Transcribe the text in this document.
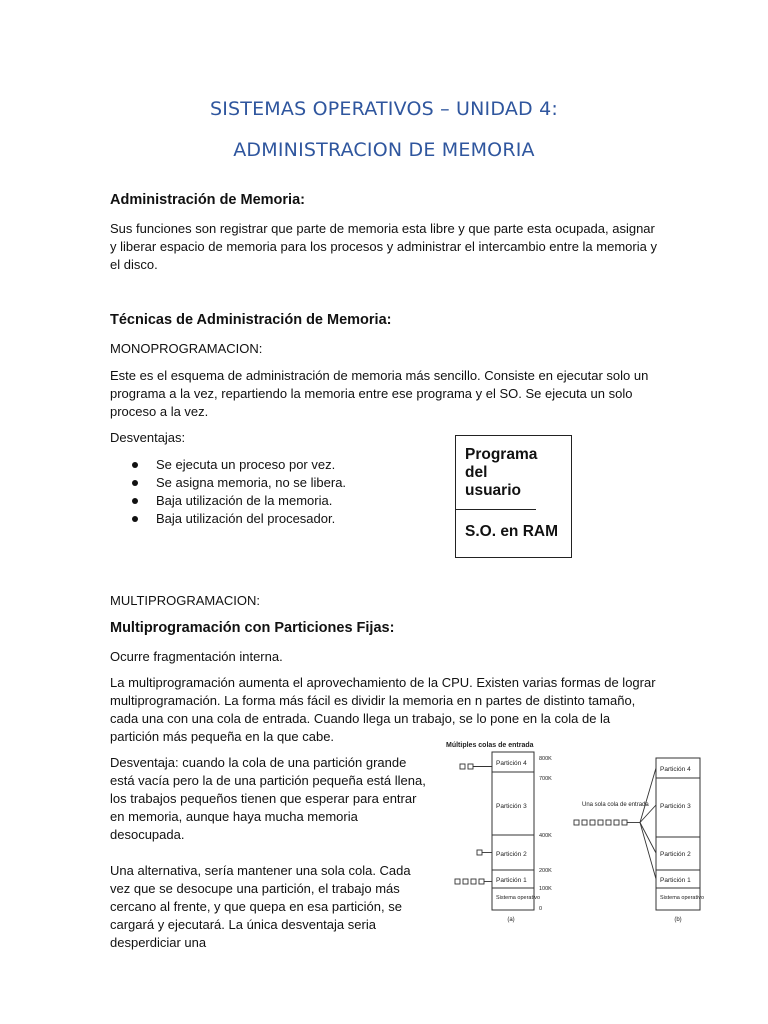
SISTEMAS OPERATIVOS – UNIDAD 4:
ADMINISTRACION DE MEMORIA
Administración de Memoria:
Sus funciones son registrar que parte de memoria esta libre y que parte esta ocupada, asignar y liberar espacio de memoria para los procesos y administrar el intercambio entre la memoria y el disco.
Técnicas de Administración de Memoria:
MONOPROGRAMACION:
Este es el esquema de administración de memoria más sencillo. Consiste en ejecutar solo un programa a la vez, repartiendo la memoria entre ese programa y el SO. Se ejecuta un solo proceso a la vez.
Desventajas:
Se ejecuta un proceso por vez.
Se asigna memoria, no se libera.
Baja utilización de la memoria.
Baja utilización del procesador.
Programa del usuario
S.O. en RAM
MULTIPROGRAMACION:
Multiprogramación con Particiones Fijas:
Ocurre fragmentación interna.
La multiprogramación aumenta el aprovechamiento de la CPU. Existen varias formas de lograr multiprogramación. La forma más fácil es dividir la memoria en n partes de distinto tamaño, cada una con una cola de entrada. Cuando llega un trabajo, se lo pone en la cola de la partición más pequeña en la que cabe.
Desventaja: cuando la cola de una partición grande está vacía pero la de una partición pequeña está llena, los trabajos pequeños tienen que esperar para entrar en memoria, aunque haya mucha memoria desocupada.
Una alternativa, sería mantener una sola cola. Cada vez que se desocupe una partición, el trabajo más cercano al frente, y que quepa en esa partición, se cargará y ejecutará. La única desventaja seria desperdiciar una
Múltiples colas de entrada
Partición 4
Partición 3
Partición 2
Partición 1
Sistema operativo
800K
700K
400K
200K
100K
0
(a)
Una sola cola de entrada
Partición 4
Partición 3
Partición 2
Partición 1
Sistema operativo
(b)
